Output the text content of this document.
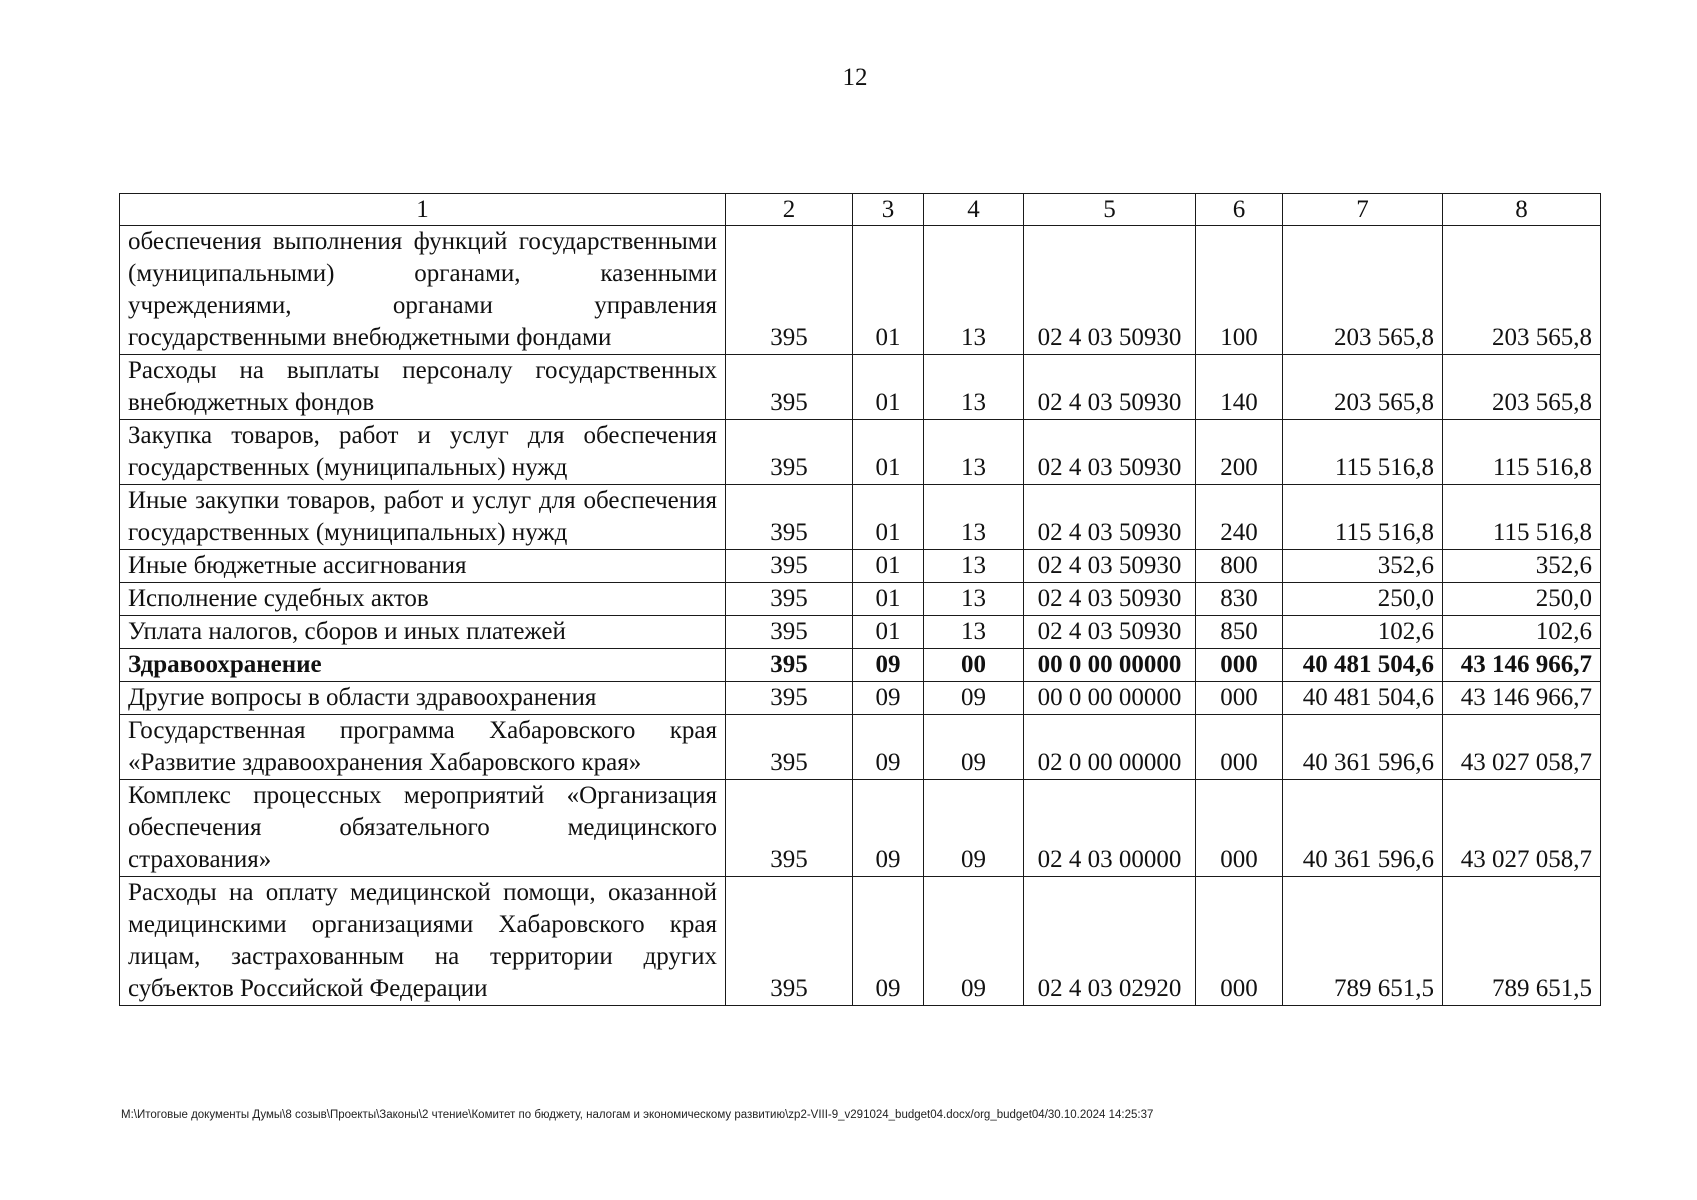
12
1	2	3	4	5	6	7	8
обеспечения выполнения функций государственными (муниципальными) органами, казенными учреждениями, органами управления государственными внебюджетными фондами	395	01	13	02 4 03 50930	100	203 565,8	203 565,8
Расходы на выплаты персоналу государственных внебюджетных фондов	395	01	13	02 4 03 50930	140	203 565,8	203 565,8
Закупка товаров, работ и услуг для обеспечения государственных (муниципальных) нужд	395	01	13	02 4 03 50930	200	115 516,8	115 516,8
Иные закупки товаров, работ и услуг для обеспечения государственных (муниципальных) нужд	395	01	13	02 4 03 50930	240	115 516,8	115 516,8
Иные бюджетные ассигнования	395	01	13	02 4 03 50930	800	352,6	352,6
Исполнение судебных актов	395	01	13	02 4 03 50930	830	250,0	250,0
Уплата налогов, сборов и иных платежей	395	01	13	02 4 03 50930	850	102,6	102,6
Здравоохранение	395	09	00	00 0 00 00000	000	40 481 504,6	43 146 966,7
Другие вопросы в области здравоохранения	395	09	09	00 0 00 00000	000	40 481 504,6	43 146 966,7
Государственная программа Хабаровского края «Развитие здравоохранения Хабаровского края»	395	09	09	02 0 00 00000	000	40 361 596,6	43 027 058,7
Комплекс процессных мероприятий «Организация обеспечения обязательного медицинского страхования»	395	09	09	02 4 03 00000	000	40 361 596,6	43 027 058,7
Расходы на оплату медицинской помощи, оказанной медицинскими организациями Хабаровского края лицам, застрахованным на территории других субъектов Российской Федерации	395	09	09	02 4 03 02920	000	789 651,5	789 651,5
M:\Итоговые документы Думы\8 созыв\Проекты\Законы\2 чтение\Комитет по бюджету, налогам и экономическому развитию\zp2-VIII-9_v291024_budget04.docx/org_budget04/30.10.2024 14:25:37
